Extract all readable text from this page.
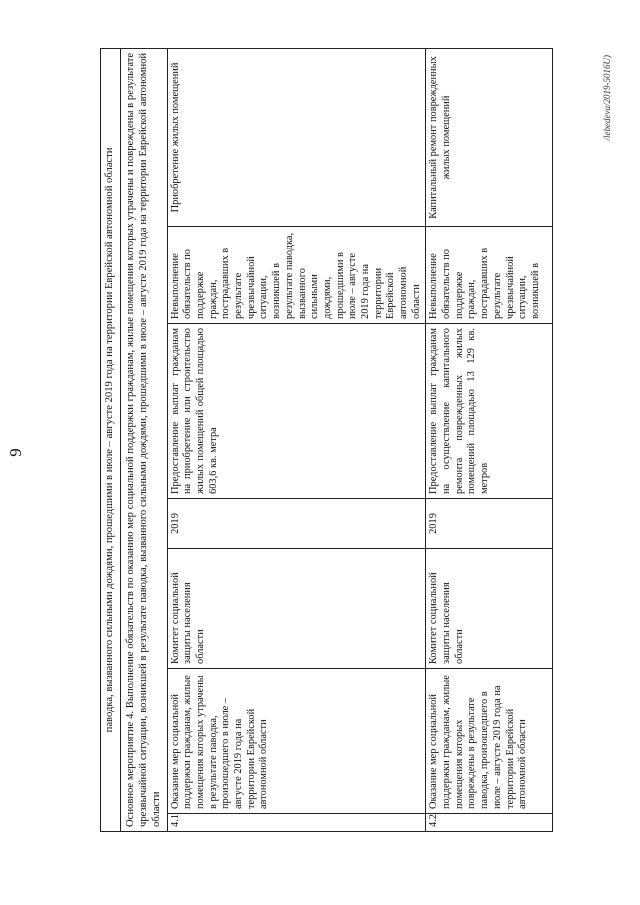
9	паводка, вызванного сильными дождями, прошедшими в июле – августе 2019 года на территории Еврейской автономной области						
Основное мероприятие 4. Выполнение обязательств по оказанию мер социальной поддержки гражданам, жилые помещения которых утрачены и повреждены в результате чрезвычайной ситуации, возникшей в результате паводка, вызванного сильными дождями, прошедшими в июле – августе 2019 года на территории Еврейской автономной области						
4.1	Оказание мер социальной поддержки гражданам, жилые помещения которых утрачены в результате паводка, произошедшего в июле – августе 2019 года на территории Еврейской автономной области	Комитет социальной защиты населения области	2019	Предоставление выплат гражданам на приобретение или строительство жилых помещений общей площадью 603,6 кв. метра	Невыполнение обязательств по поддержке граждан, пострадавших в результате чрезвычайной ситуации, возникшей в результате паводка, вызванного сильными дождями, прошедшими в июле – августе 2019 года на территории Еврейской автономной области	Приобретение жилых помещений
4.2	Оказание мер социальной поддержки гражданам, жилые помещения которых повреждены в результате паводка, произошедшего в июле – августе 2019 года на территории Еврейской автономной области	Комитет социальной защиты населения области	2019	Предоставление выплат гражданам на осуществление капитального ремонта поврежденных жилых помещений площадью 13 129 кв. метров	Невыполнение обязательств по поддержке граждан, пострадавших в результате чрезвычайной ситуации, возникшей в	Капитальный ремонт поврежденных жилых помещений	/lebedeva/2019-5016U)
